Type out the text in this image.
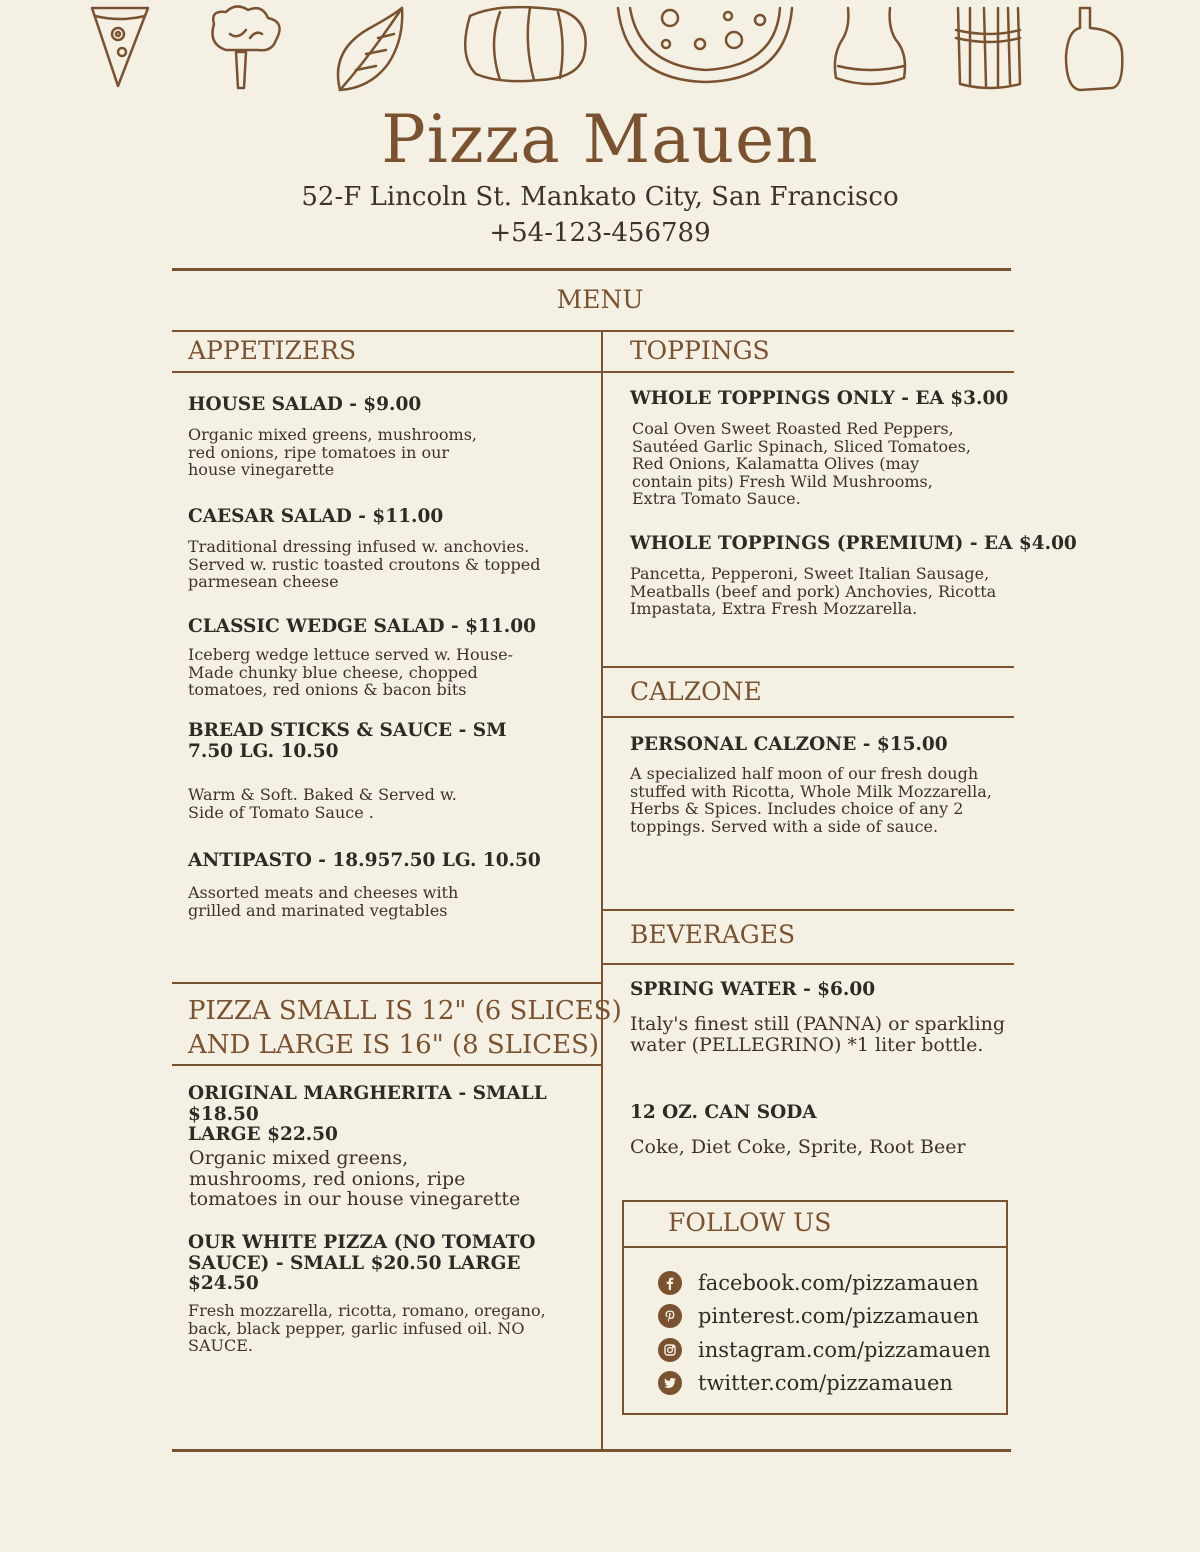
Pizza Mauen
52-F Lincoln St. Mankato City, San Francisco
+54-123-456789
MENU
APPETIZERS
HOUSE SALAD - $9.00
Organic mixed greens, mushrooms,
red onions, ripe tomatoes in our
house vinegarette
CAESAR SALAD - $11.00
Traditional dressing infused w. anchovies.
Served w. rustic toasted croutons & topped
parmesean cheese
CLASSIC WEDGE SALAD - $11.00
Iceberg wedge lettuce served w. House-
Made chunky blue cheese, chopped
tomatoes, red onions & bacon bits
BREAD STICKS & SAUCE - SM
7.50 LG. 10.50
Warm & Soft. Baked & Served w.
Side of Tomato Sauce .
ANTIPASTO - 18.957.50 LG. 10.50
Assorted meats and cheeses with
grilled and marinated vegtables
PIZZA SMALL IS 12" (6 SLICES)
AND LARGE IS 16" (8 SLICES)
ORIGINAL MARGHERITA - SMALL
$18.50
LARGE $22.50
Organic mixed greens,
mushrooms, red onions, ripe
tomatoes in our house vinegarette
OUR WHITE PIZZA (NO TOMATO
SAUCE) - SMALL $20.50 LARGE
$24.50
Fresh mozzarella, ricotta, romano, oregano,
back, black pepper, garlic infused oil. NO
SAUCE.
TOPPINGS
WHOLE TOPPINGS ONLY - EA $3.00
Coal Oven Sweet Roasted Red Peppers,
Sautéed Garlic Spinach, Sliced Tomatoes,
Red Onions, Kalamatta Olives (may
contain pits) Fresh Wild Mushrooms,
Extra Tomato Sauce.
WHOLE TOPPINGS (PREMIUM) - EA $4.00
Pancetta, Pepperoni, Sweet Italian Sausage,
Meatballs (beef and pork) Anchovies, Ricotta
Impastata, Extra Fresh Mozzarella.
CALZONE
PERSONAL CALZONE - $15.00
A specialized half moon of our fresh dough
stuffed with Ricotta, Whole Milk Mozzarella,
Herbs & Spices. Includes choice of any 2
toppings. Served with a side of sauce.
BEVERAGES
SPRING WATER - $6.00
Italy's finest still (PANNA) or sparkling
water (PELLEGRINO) *1 liter bottle.
12 OZ. CAN SODA
Coke, Diet Coke, Sprite, Root Beer
FOLLOW US
facebook.com/pizzamauen
pinterest.com/pizzamauen
instagram.com/pizzamauen
twitter.com/pizzamauen
